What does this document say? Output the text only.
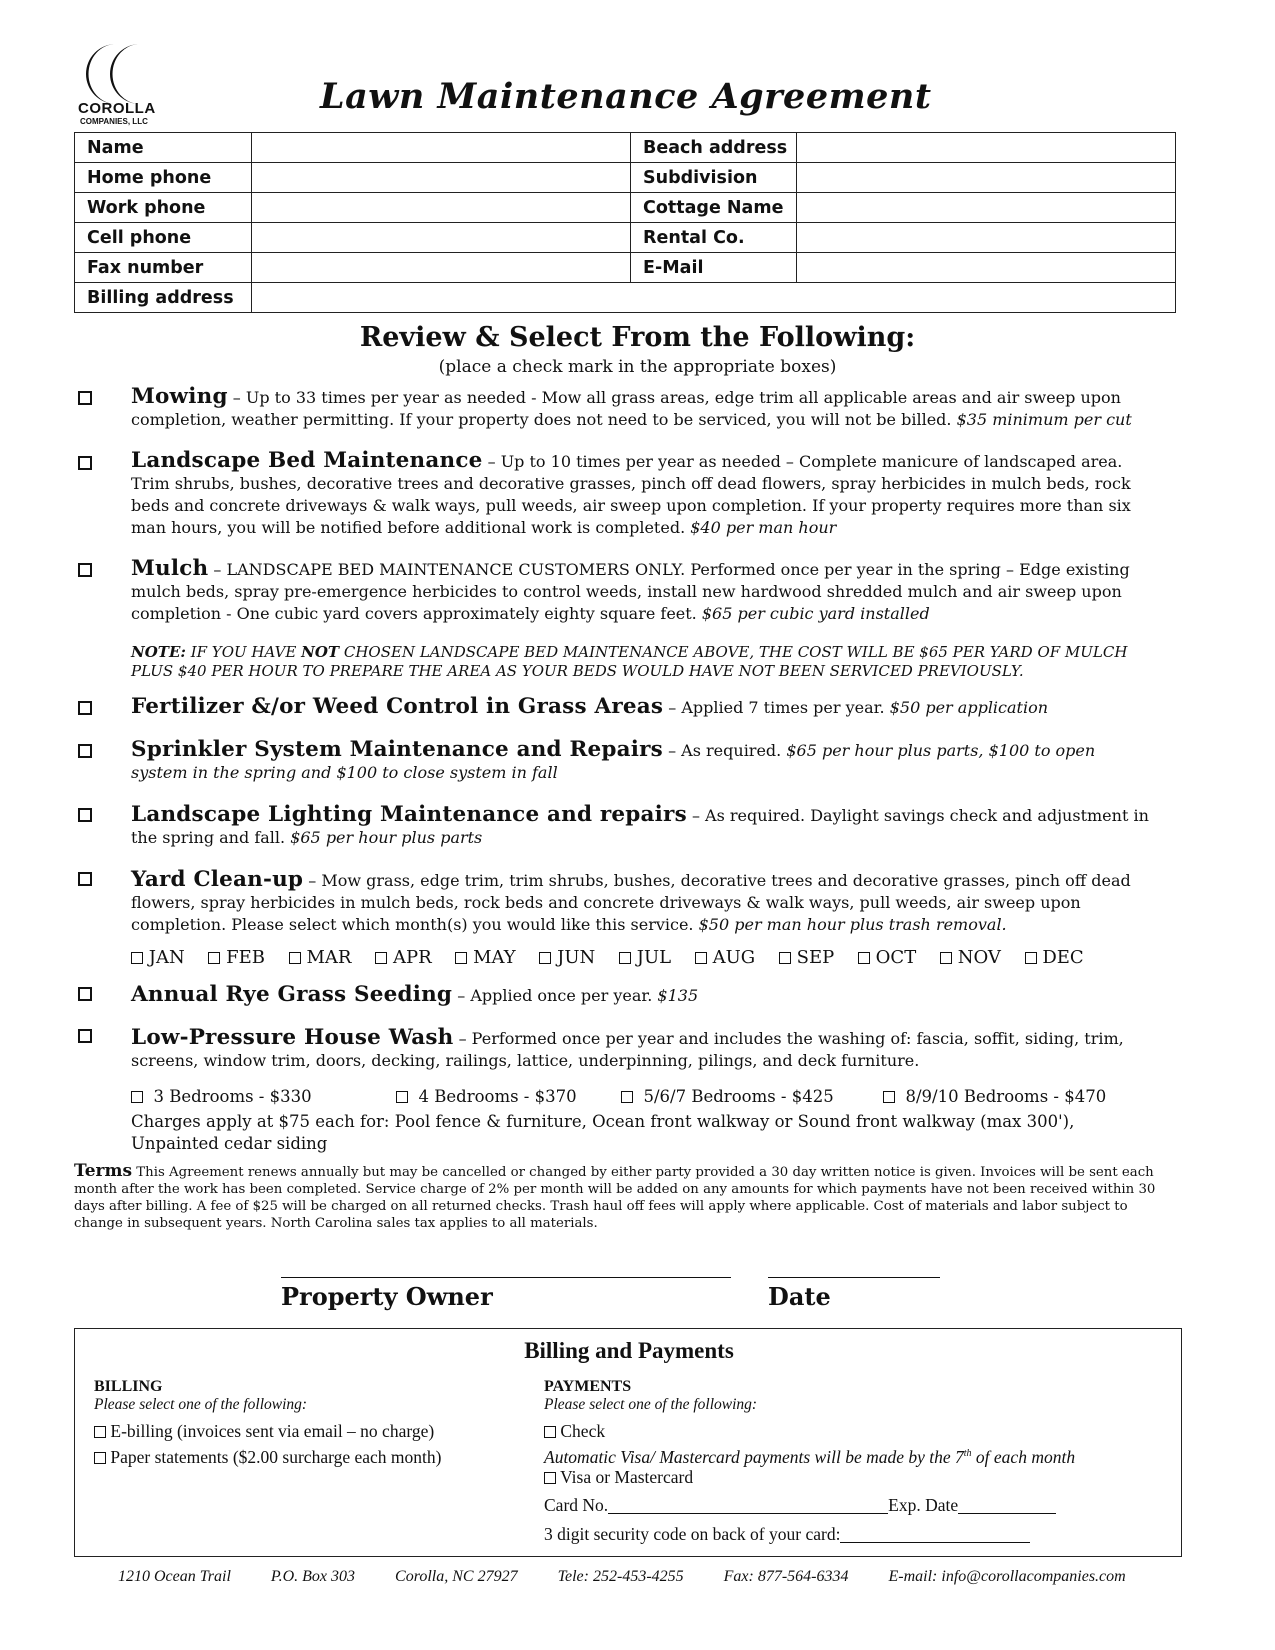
COROLLA
COMPANIES, LLC
Lawn Maintenance Agreement
Name		Beach address	
Home phone		Subdivision	
Work phone		Cottage Name	
Cell phone		Rental Co.	
Fax number		E-Mail	
Billing address			
Review & Select From the Following:
(place a check mark in the appropriate boxes)
Mowing – Up to 33 times per year as needed - Mow all grass areas, edge trim all applicable areas and air sweep upon completion, weather permitting. If your property does not need to be serviced, you will not be billed. $35 minimum per cut
Landscape Bed Maintenance – Up to 10 times per year as needed – Complete manicure of landscaped area. Trim shrubs, bushes, decorative trees and decorative grasses, pinch off dead flowers, spray herbicides in mulch beds, rock beds and concrete driveways & walk ways, pull weeds, air sweep upon completion. If your property requires more than six man hours, you will be notified before additional work is completed. $40 per man hour
Mulch – LANDSCAPE BED MAINTENANCE CUSTOMERS ONLY. Performed once per year in the spring – Edge existing mulch beds, spray pre-emergence herbicides to control weeds, install new hardwood shredded mulch and air sweep upon completion - One cubic yard covers approximately eighty square feet. $65 per cubic yard installed
NOTE: IF YOU HAVE NOT CHOSEN LANDSCAPE BED MAINTENANCE ABOVE, THE COST WILL BE $65 PER YARD OF MULCH PLUS $40 PER HOUR TO PREPARE THE AREA AS YOUR BEDS WOULD HAVE NOT BEEN SERVICED PREVIOUSLY.
Fertilizer &/or Weed Control in Grass Areas – Applied 7 times per year. $50 per application
Sprinkler System Maintenance and Repairs – As required. $65 per hour plus parts, $100 to open system in the spring and $100 to close system in fall
Landscape Lighting Maintenance and repairs – As required. Daylight savings check and adjustment in the spring and fall. $65 per hour plus parts
Yard Clean-up – Mow grass, edge trim, trim shrubs, bushes, decorative trees and decorative grasses, pinch off dead flowers, spray herbicides in mulch beds, rock beds and concrete driveways & walk ways, pull weeds, air sweep upon completion. Please select which month(s) you would like this service. $50 per man hour plus trash removal.
JAN FEB MAR APR MAY JUN JUL AUG SEP OCT NOV DEC
Annual Rye Grass Seeding – Applied once per year. $135
Low-Pressure House Wash – Performed once per year and includes the washing of: fascia, soffit, siding, trim, screens, window trim, doors, decking, railings, lattice, underpinning, pilings, and deck furniture.
3 Bedrooms - $330	4 Bedrooms - $370	5/6/7 Bedrooms - $425	8/9/10 Bedrooms - $470
Charges apply at $75 each for: Pool fence & furniture, Ocean front walkway or Sound front walkway (max 300'), Unpainted cedar siding
Terms This Agreement renews annually but may be cancelled or changed by either party provided a 30 day written notice is given. Invoices will be sent each month after the work has been completed. Service charge of 2% per month will be added on any amounts for which payments have not been received within 30 days after billing. A fee of $25 will be charged on all returned checks. Trash haul off fees will apply where applicable. Cost of materials and labor subject to change in subsequent years. North Carolina sales tax applies to all materials.
Property Owner	Date
Billing and Payments
BILLING
Please select one of the following:
E-billing (invoices sent via email – no charge)
Paper statements ($2.00 surcharge each month)
PAYMENTS
Please select one of the following:
Check
Automatic Visa/ Mastercard payments will be made by the 7th of each month
Visa or Mastercard
Card No.	Exp. Date
3 digit security code on back of your card:
1210 Ocean Trail	P.O. Box 303	Corolla, NC 27927	Tele: 252-453-4255	Fax: 877-564-6334	E-mail: info@corollacompanies.com
